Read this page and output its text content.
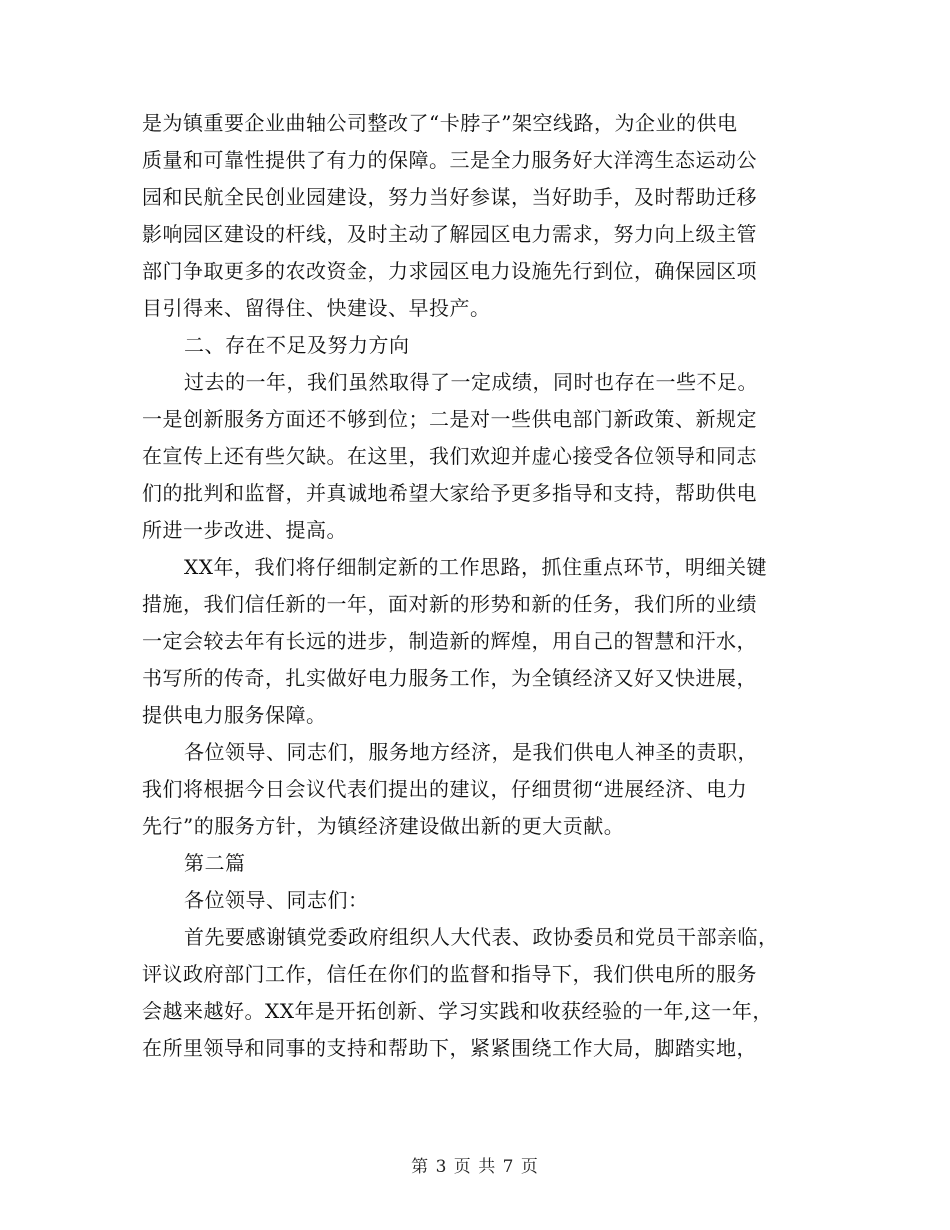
是为镇重要企业曲轴公司整改了“卡脖子”架空线路，为企业的供电
质量和可靠性提供了有力的保障。三是全力服务好大洋湾生态运动公
园和民航全民创业园建设，努力当好参谋，当好助手，及时帮助迁移
影响园区建设的杆线，及时主动了解园区电力需求，努力向上级主管
部门争取更多的农改资金，力求园区电力设施先行到位，确保园区项
目引得来、留得住、快建设、早投产。

二、存在不足及努力方向

过去的一年，我们虽然取得了一定成绩，同时也存在一些不足。
一是创新服务方面还不够到位；二是对一些供电部门新政策、新规定
在宣传上还有些欠缺。在这里，我们欢迎并虚心接受各位领导和同志
们的批判和监督，并真诚地希望大家给予更多指导和支持，帮助供电
所进一步改进、提高。

XX年，我们将仔细制定新的工作思路，抓住重点环节，明细关键
措施，我们信任新的一年，面对新的形势和新的任务，我们所的业绩
一定会较去年有长远的进步，制造新的辉煌，用自己的智慧和汗水，
书写所的传奇，扎实做好电力服务工作，为全镇经济又好又快进展，
提供电力服务保障。

各位领导、同志们，服务地方经济，是我们供电人神圣的责职，
我们将根据今日会议代表们提出的建议，仔细贯彻“进展经济、电力
先行”的服务方针，为镇经济建设做出新的更大贡献。

第二篇

各位领导、同志们：

首先要感谢镇党委政府组织人大代表、政协委员和党员干部亲临，
评议政府部门工作，信任在你们的监督和指导下，我们供电所的服务
会越来越好。XX年是开拓创新、学习实践和收获经验的一年,这一年，
在所里领导和同事的支持和帮助下，紧紧围绕工作大局，脚踏实地，

第 3 页 共 7 页
